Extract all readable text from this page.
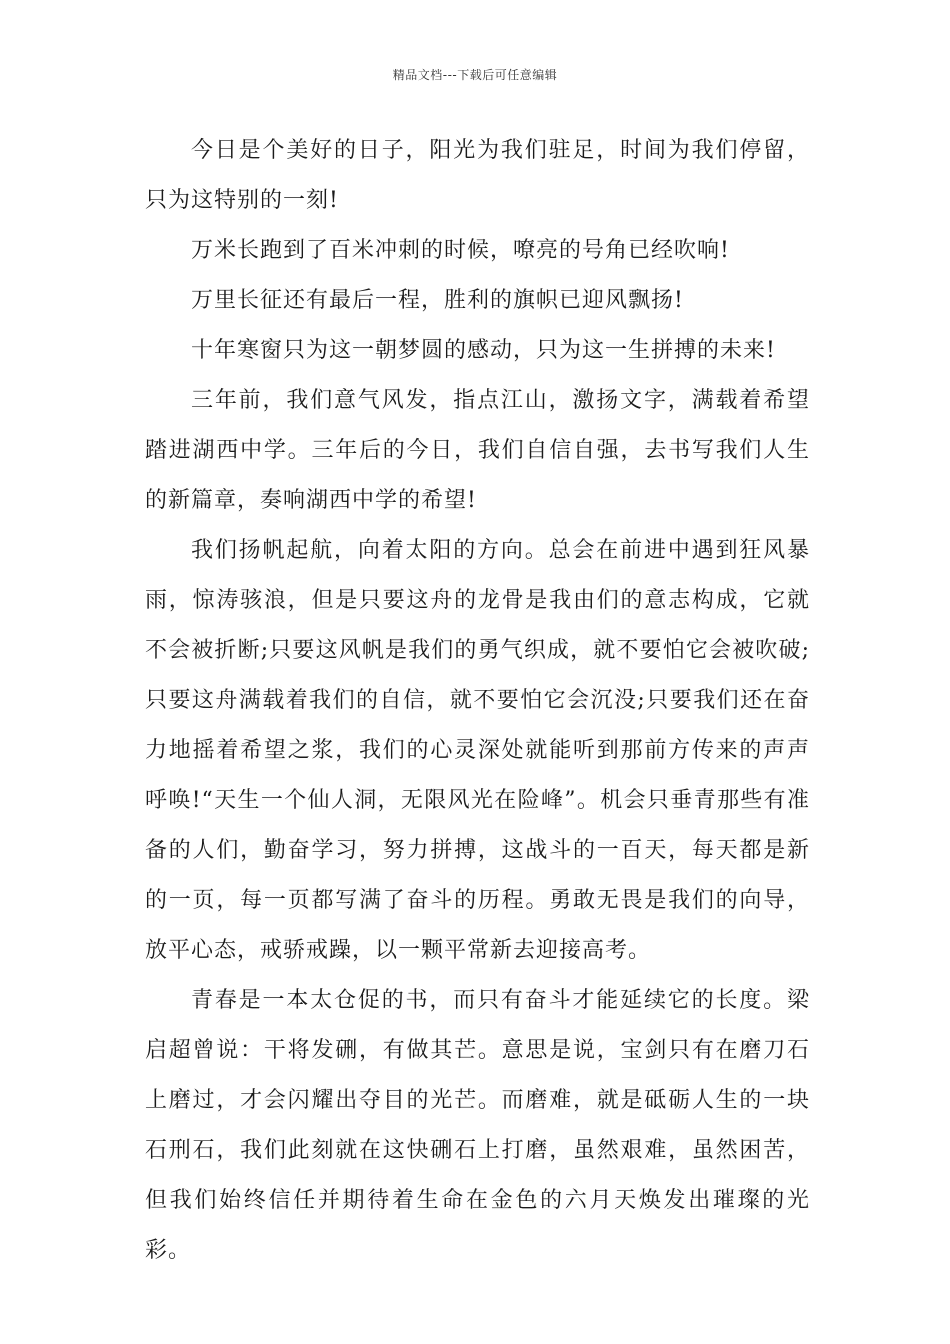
精品文档---下载后可任意编辑

今日是个美好的日子，阳光为我们驻足，时间为我们停留，只为这特别的一刻!

万米长跑到了百米冲刺的时候，嘹亮的号角已经吹响!

万里长征还有最后一程，胜利的旗帜已迎风飘扬!

十年寒窗只为这一朝梦圆的感动，只为这一生拼搏的未来!

三年前，我们意气风发，指点江山，激扬文字，满载着希望踏进湖西中学。三年后的今日，我们自信自强，去书写我们人生的新篇章，奏响湖西中学的希望!

我们扬帆起航，向着太阳的方向。总会在前进中遇到狂风暴雨，惊涛骇浪，但是只要这舟的龙骨是我由们的意志构成，它就不会被折断;只要这风帆是我们的勇气织成，就不要怕它会被吹破;只要这舟满载着我们的自信，就不要怕它会沉没;只要我们还在奋力地摇着希望之浆，我们的心灵深处就能听到那前方传来的声声呼唤!“天生一个仙人洞，无限风光在险峰”。机会只垂青那些有准备的人们，勤奋学习，努力拼搏，这战斗的一百天，每天都是新的一页，每一页都写满了奋斗的历程。勇敢无畏是我们的向导，放平心态，戒骄戒躁，以一颗平常新去迎接高考。

青春是一本太仓促的书，而只有奋斗才能延续它的长度。梁启超曾说：干将发硎，有做其芒。意思是说，宝剑只有在磨刀石上磨过，才会闪耀出夺目的光芒。而磨难，就是砥砺人生的一块石刑石，我们此刻就在这快硎石上打磨，虽然艰难，虽然困苦，但我们始终信任并期待着生命在金色的六月天焕发出璀璨的光彩。
